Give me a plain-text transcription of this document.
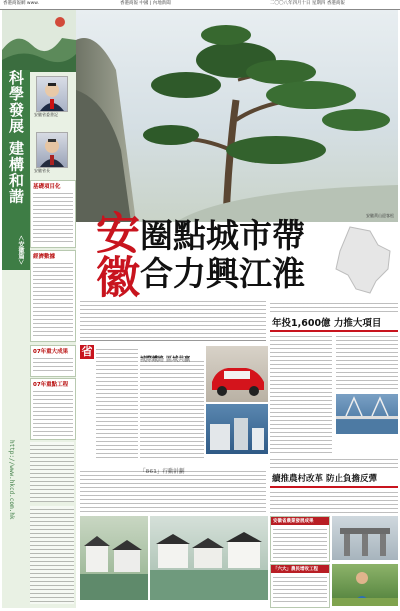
香港商報網 www.	香港商報 中國 | 內地新聞	二〇〇八年四月十日 星期四 香港商報
科學發展 建構和諧
＜安徽篇＞
安徽省委書記
安徽省長
基礎項目化
經濟數據
07年重大成果
07年重點工程
http://www.hkcd.com.hk
安徽黃山迎客松
安徽 圈點城市帶
合力興江淮
年投1,600億 力推大項目
省
續推農村改革 防止負擔反彈
安徽省農業發展成果
「六大」農民增收工程
